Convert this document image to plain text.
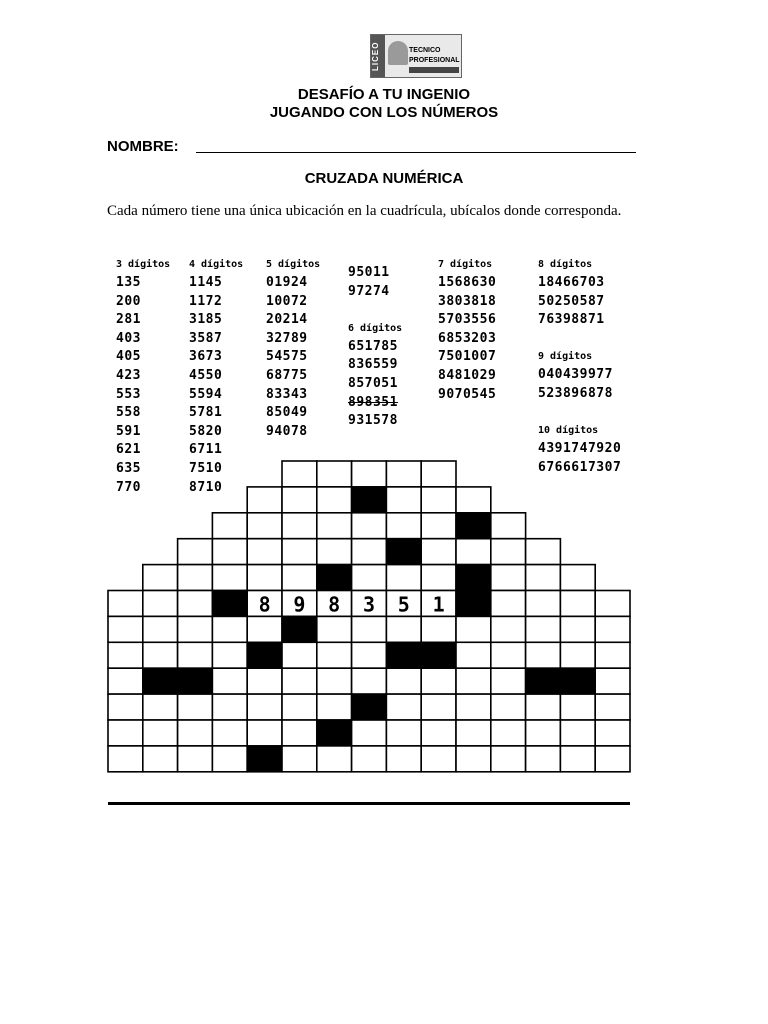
LICEO	TECNICO
PROFESIONAL
DESAFÍO A TU INGENIO
JUGANDO CON LOS NÚMEROS
NOMBRE:
CRUZADA NUMÉRICA
Cada número tiene una única ubicación en la cuadrícula, ubícalos donde corresponda.
3 dígitos
135
200
281
403
405
423
553
558
591
621
635
770
4 dígitos
1145
1172
3185
3587
3673
4550
5594
5781
5820
6711
7510
8710
5 dígitos
01924
10072
20214
32789
54575
68775
83343
85049
94078
95011
97274
6 dígitos
651785
836559
857051
898351
931578
7 dígitos
1568630
3803818
5703556
6853203
7501007
8481029
9070545
8 dígitos
18466703
50250587
76398871
9 dígitos
040439977
523896878
10 dígitos
4391747920
6766617307
8 9 8 3 5 1
